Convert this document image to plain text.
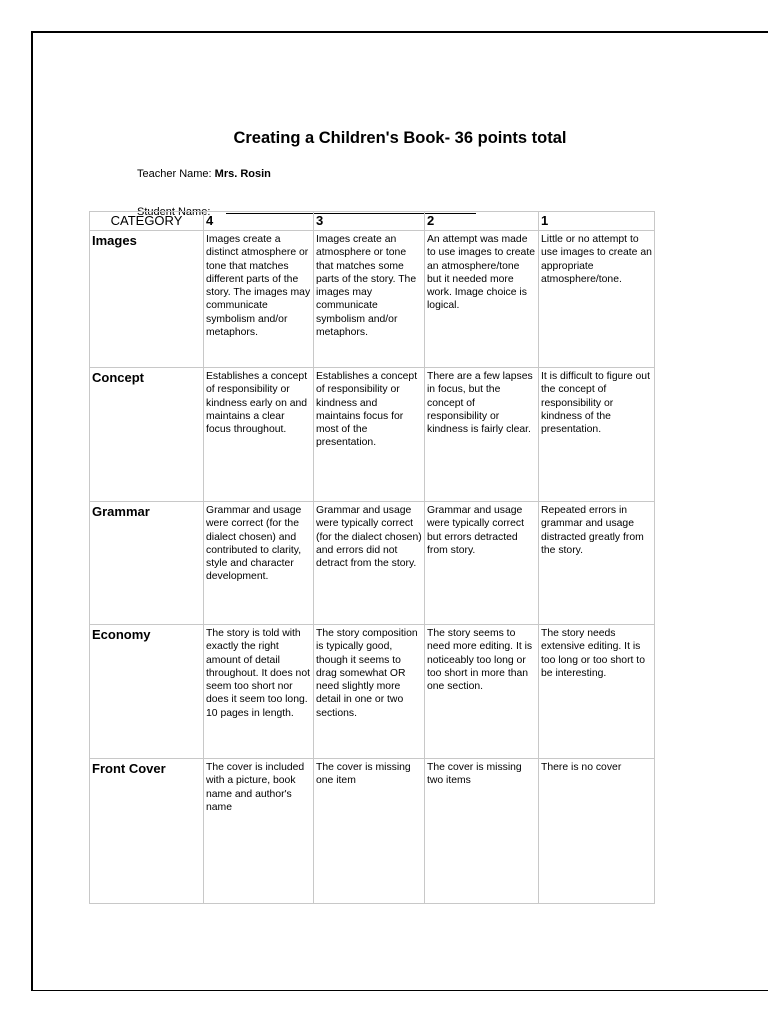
Creating a Children's Book- 36 points total
Teacher Name: Mrs. Rosin
Student Name:
CATEGORY	4	3	2	1
Images	Images create a distinct atmosphere or tone that matches different parts of the story. The images may communicate symbolism and/or metaphors.	Images create an atmosphere or tone that matches some parts of the story. The images may communicate symbolism and/or metaphors.	An attempt was made to use images to create an atmosphere/tone but it needed more work. Image choice is logical.	Little or no attempt to use images to create an appropriate atmosphere/tone.
Concept	Establishes a concept of responsibility or kindness early on and maintains a clear focus throughout.	Establishes a concept of responsibility or kindness and maintains focus for most of the presentation.	There are a few lapses in focus, but the concept of responsibility or kindness is fairly clear.	It is difficult to figure out the concept of responsibility or kindness of the presentation.
Grammar	Grammar and usage were correct (for the dialect chosen) and contributed to clarity, style and character development.	Grammar and usage were typically correct (for the dialect chosen) and errors did not detract from the story.	Grammar and usage were typically correct but errors detracted from story.	Repeated errors in grammar and usage distracted greatly from the story.
Economy	The story is told with exactly the right amount of detail throughout. It does not seem too short nor does it seem too long. 10 pages in length.	The story composition is typically good, though it seems to drag somewhat OR need slightly more detail in one or two sections.	The story seems to need more editing. It is noticeably too long or too short in more than one section.	The story needs extensive editing. It is too long or too short to be interesting.
Front Cover	The cover is included with a picture, book name and author's name	The cover is missing one item	The cover is missing two items	There is no cover
